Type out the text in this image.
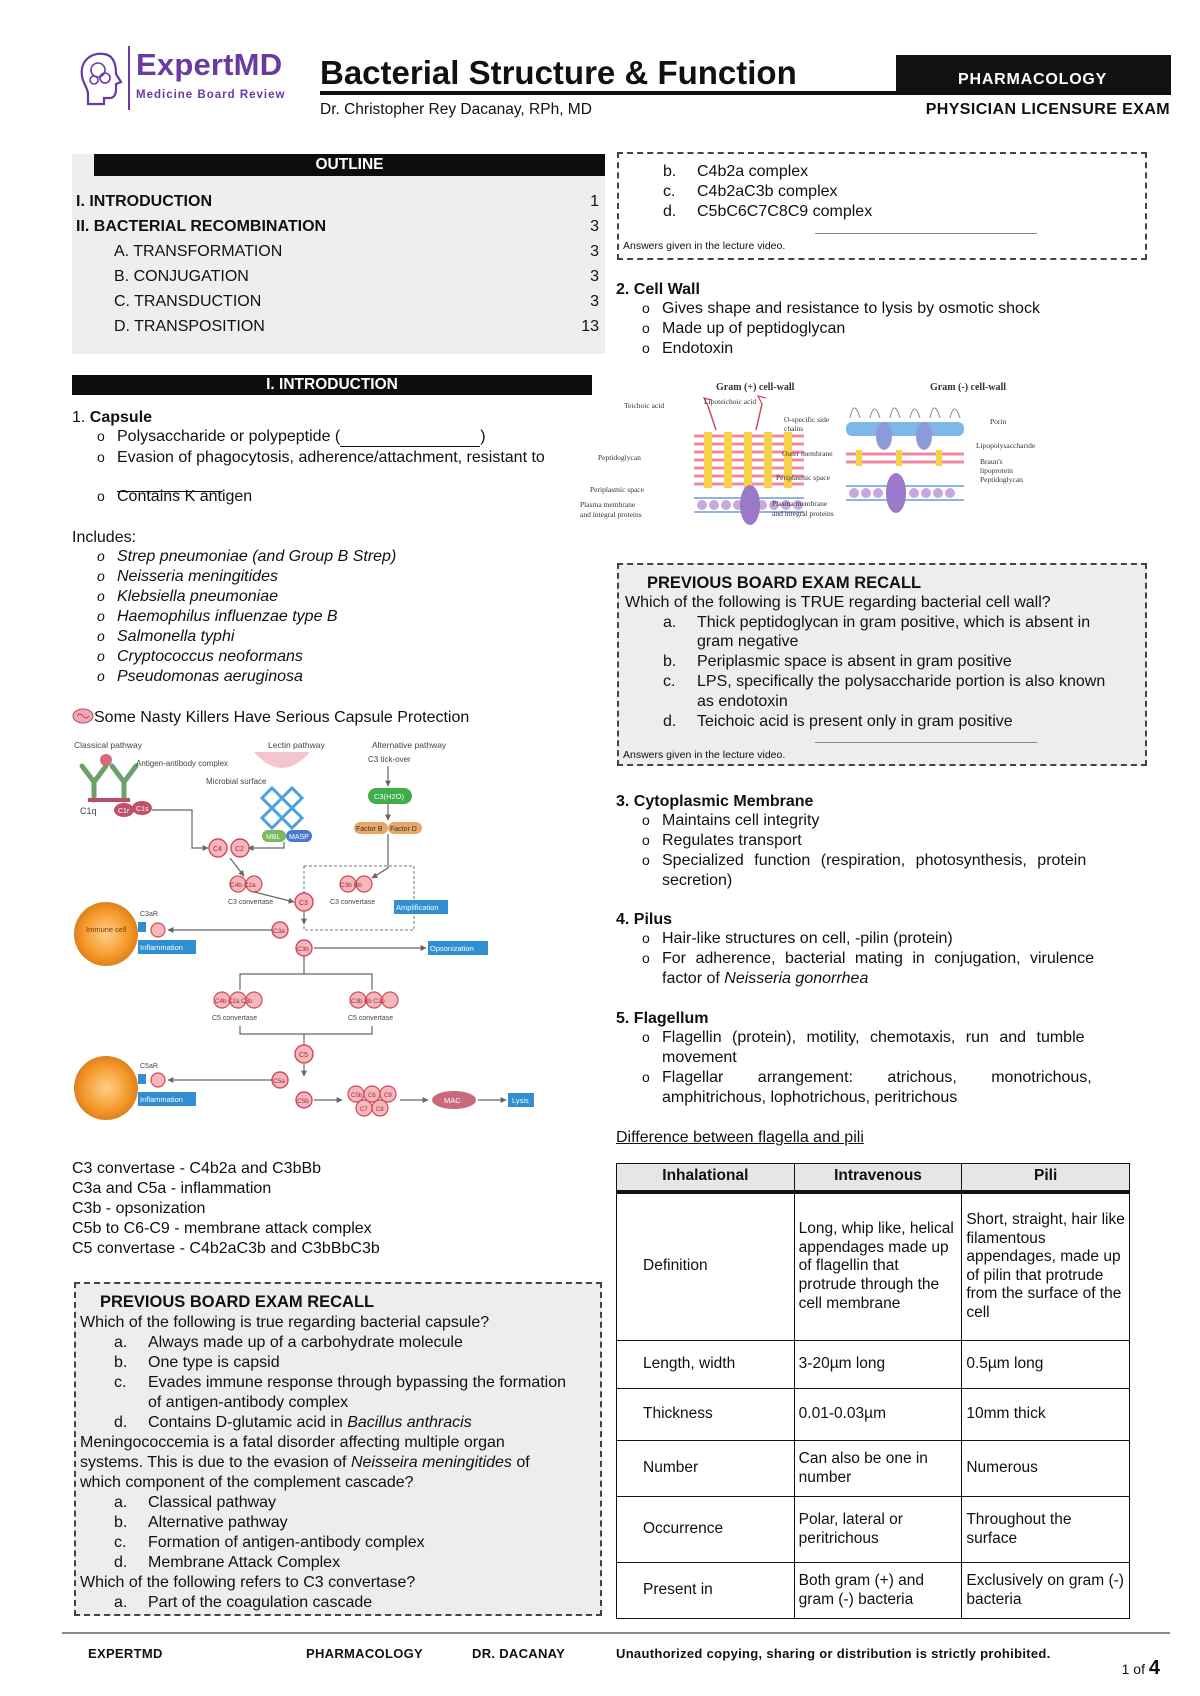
ExpertMD
Medicine Board Review
Bacterial Structure & Function
Dr. Christopher Rey Dacanay, RPh, MD
PHARMACOLOGY
PHYSICIAN LICENSURE EXAM
OUTLINE
I. INTRODUCTION	1
II. BACTERIAL RECOMBINATION	3
A. TRANSFORMATION	3
B. CONJUGATION	3
C. TRANSDUCTION	3
D. TRANSPOSITION	13
I. INTRODUCTION
1. Capsule
o Polysaccharide or polypeptide (	)
o Evasion of phagocytosis, adherence/attachment, resistant to

o Contains K antigen
Includes:
o Strep pneumoniae (and Group B Strep)
o Neisseria meningitides
o Klebsiella pneumoniae
o Haemophilus influenzae type B
o Salmonella typhi
o Cryptococcus neoformans
o Pseudomonas aeruginosa
Some Nasty Killers Have Serious Capsule Protection
Classical pathway	Lectin pathway	Alternative pathway
Antigen-antibody complex
C1q	C1r C1s
Microbial surface
MBL MASP
C3 tick-over
C3(H2O)
Factor B Factor D
C4 C2
C4b C2a
C3 convertase
C3b Bb
C3 convertase
Amplification
C3
C3a
C3b	Opsonization
Immune cell
C3aR
Inflammation
C4b C2a C3b
C5 convertase
C3b Bb C3b
C5 convertase
C5
C5a
C5b
C5b C6 C9
C7 C8
MAC	Lysis
C5aR
Inflammation
C3 convertase - C4b2a and C3bBb
C3a and C5a - inflammation
C3b - opsonization
C5b to C6-C9 - membrane attack complex
C5 convertase - C4b2aC3b and C3bBbC3b
PREVIOUS BOARD EXAM RECALL
Which of the following is true regarding bacterial capsule?
a. Always made up of a carbohydrate molecule
b. One type is capsid
c. Evades immune response through bypassing the formation
of antigen-antibody complex
d. Contains D-glutamic acid in Bacillus anthracis
Meningococcemia is a fatal disorder affecting multiple organ
systems. This is due to the evasion of Neisseira meningitides of
which component of the complement cascade?
a. Classical pathway
b. Alternative pathway
c. Formation of antigen-antibody complex
d. Membrane Attack Complex
Which of the following refers to C3 convertase?
a. Part of the coagulation cascade
b. C4b2a complex
c. C4b2aC3b complex
d. C5bC6C7C8C9 complex
Answers given in the lecture video.
2. Cell Wall
o Gives shape and resistance to lysis by osmotic shock
o Made up of peptidoglycan
o Endotoxin
Gram (+) cell-wall	Gram (-) cell-wall
Teichoic acid	Lipoteichoic acid
Peptidoglycan
Periplasmic space
Plasma membrane
and integral proteins
O-specific side
chains
Outer membrane
Periplasmic space
Plasma membrane
and integral proteins
Porin
Lipopolysaccharide
Braun's
lipoprotein
Peptidoglycan
PREVIOUS BOARD EXAM RECALL
Which of the following is TRUE regarding bacterial cell wall?
a. Thick peptidoglycan in gram positive, which is absent in
gram negative
b. Periplasmic space is absent in gram positive
c. LPS, specifically the polysaccharide portion is also known
as endotoxin
d. Teichoic acid is present only in gram positive
Answers given in the lecture video.
3. Cytoplasmic Membrane
o Maintains cell integrity
o Regulates transport
o Specialized function (respiration, photosynthesis, protein
secretion)
4. Pilus
o Hair-like structures on cell, -pilin (protein)
o For adherence, bacterial mating in conjugation, virulence
factor of Neisseria gonorrhea
5. Flagellum
o Flagellin (protein), motility, chemotaxis, run and tumble
movement
o Flagellar arrangement: atrichous, monotrichous,
amphitrichous, lophotrichous, peritrichous
Difference between flagella and pili
Inhalational	Intravenous	Pili
Definition	Long, whip like, helical appendages made up of flagellin that protrude through the cell membrane	Short, straight, hair like filamentous appendages, made up of pilin that protrude from the surface of the cell
Length, width	3-20µm long	0.5µm long
Thickness	0.01-0.03µm	10mm thick
Number	Can also be one in number	Numerous
Occurrence	Polar, lateral or peritrichous	Throughout the surface
Present in	Both gram (+) and gram (-) bacteria	Exclusively on gram (-) bacteria
EXPERTMD	PHARMACOLOGY	DR. DACANAY	Unauthorized copying, sharing or distribution is strictly prohibited.
1 of 4
